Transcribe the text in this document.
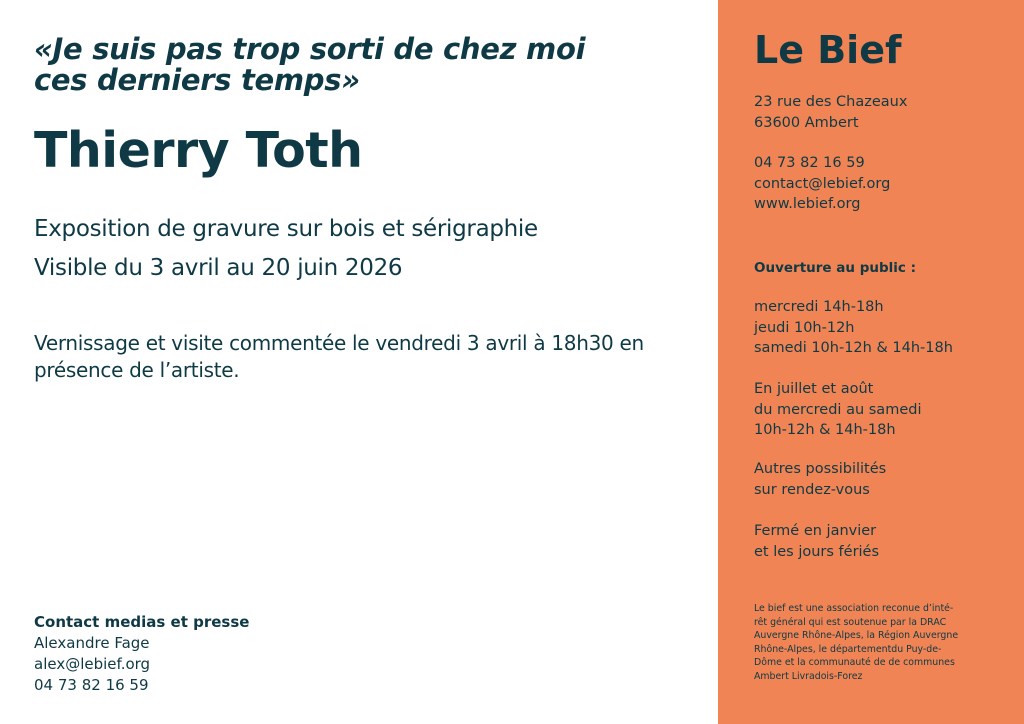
«Je suis pas trop sorti de chez moi
ces derniers temps»
Thierry Toth

Exposition de gravure sur bois et sérigraphie
Visible du 3 avril au 20 juin 2026

Vernissage et visite commentée le vendredi 3 avril à 18h30 en présence de l’artiste.

Contact medias et presse
Alexandre Fage
alex@lebief.org
04 73 82 16 59
Le Bief
23 rue des Chazeaux
63600 Ambert
04 73 82 16 59
contact@lebief.org
www.lebief.org
Ouverture au public :
mercredi 14h-18h
jeudi 10h-12h
samedi 10h-12h & 14h-18h
En juillet et août
du mercredi au samedi
10h-12h & 14h-18h
Autres possibilités
sur rendez-vous
Fermé en janvier
et les jours fériés
Le bief est une association reconue d’inté-
rêt général qui est soutenue par la DRAC
Auvergne Rhône-Alpes, la Région Auvergne
Rhône-Alpes, le départementdu Puy-de-
Dôme et la communauté de de communes
Ambert Livradois-Forez
